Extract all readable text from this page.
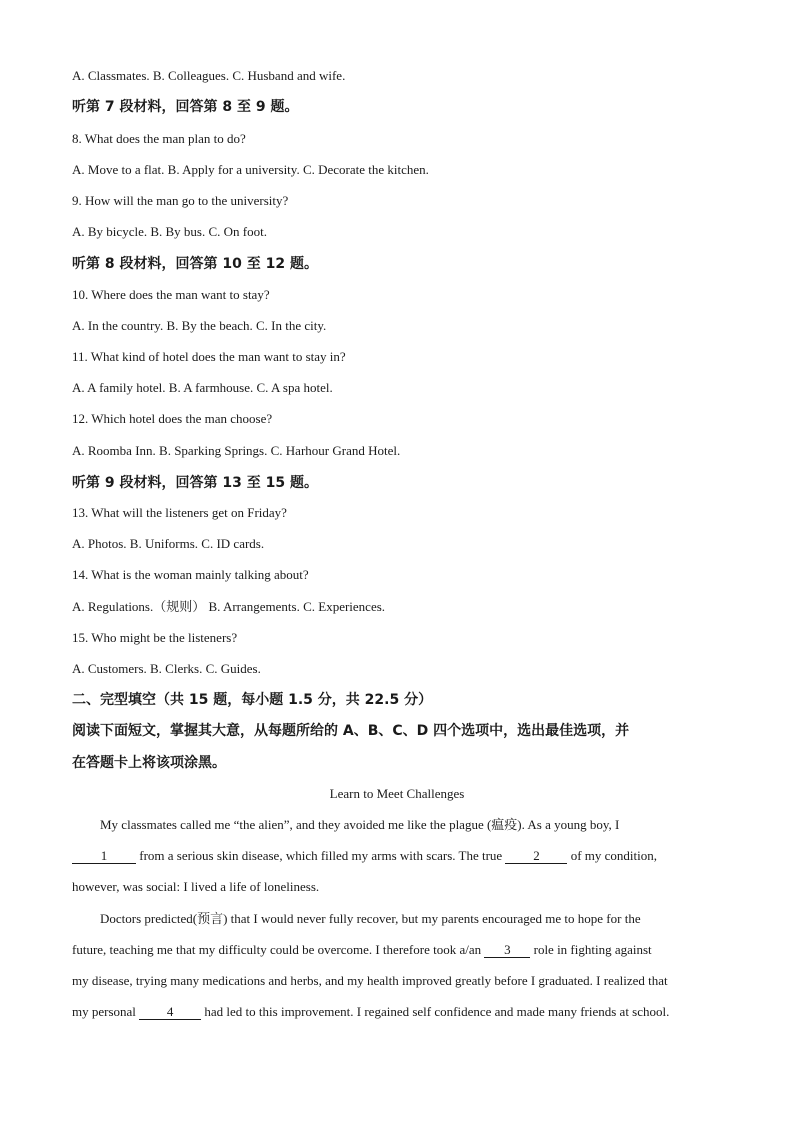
A. Classmates. B. Colleagues. C. Husband and wife.
听第 7 段材料，回答第 8 至 9 题。
8. What does the man plan to do?
A. Move to a flat. B. Apply for a university. C. Decorate the kitchen.
9. How will the man go to the university?
A. By bicycle. B. By bus. C. On foot.
听第 8 段材料，回答第 10 至 12 题。
10. Where does the man want to stay?
A. In the country. B. By the beach. C. In the city.
11. What kind of hotel does the man want to stay in?
A. A family hotel. B. A farmhouse. C. A spa hotel.
12. Which hotel does the man choose?
A. Roomba Inn. B. Sparking Springs. C. Harhour Grand Hotel.
听第 9 段材料，回答第 13 至 15 题。
13. What will the listeners get on Friday?
A. Photos. B. Uniforms. C. ID cards.
14. What is the woman mainly talking about?
A. Regulations.（规则） B. Arrangements. C. Experiences.
15. Who might be the listeners?
A. Customers. B. Clerks. C. Guides.
二、完型填空（共 15 题，每小题 1.5 分，共 22.5 分）
阅读下面短文，掌握其大意，从每题所给的 A、B、C、D 四个选项中，选出最佳选项，并
在答题卡上将该项涂黑。
Learn to Meet Challenges
My classmates called me “the alien”, and they avoided me like the plague (瘟疫). As a young boy, I
1 from a serious skin disease, which filled my arms with scars. The true 2 of my condition,
however, was social: I lived a life of loneliness.
Doctors predicted(预言) that I would never fully recover, but my parents encouraged me to hope for the
future, teaching me that my difficulty could be overcome. I therefore took a/an 3 role in fighting against
my disease, trying many medications and herbs, and my health improved greatly before I graduated. I realized that
my personal 4 had led to this improvement. I regained self confidence and made many friends at school.
